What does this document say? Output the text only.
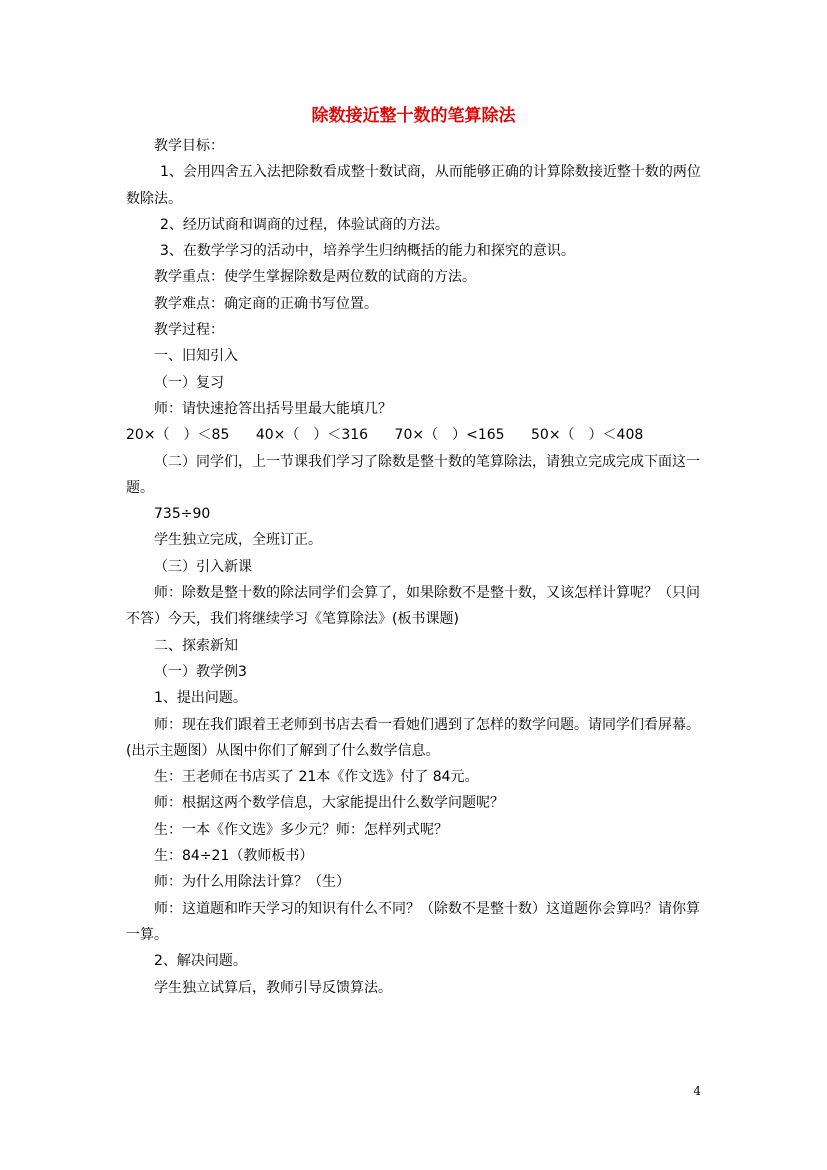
除数接近整十数的笔算除法

教学目标：

1、会用四舍五入法把除数看成整十数试商，从而能够正确的计算除数接近整十数的两位数除法。

2、经历试商和调商的过程，体验试商的方法。

3、在数学学习的活动中，培养学生归纳概括的能力和探究的意识。

教学重点：使学生掌握除数是两位数的试商的方法。

教学难点：确定商的正确书写位置。

教学过程：

一、旧知引入

（一）复习

师：请快速抢答出括号里最大能填几？

20×（　）＜85 40×（　）＜316 70×（　）<165 50×（　）＜408

（二）同学们，上一节课我们学习了除数是整十数的笔算除法，请独立完成完成下面这一题。

735÷90

学生独立完成，全班订正。

（三）引入新课

师：除数是整十数的除法同学们会算了，如果除数不是整十数，又该怎样计算呢？（只问不答）今天，我们将继续学习《笔算除法》(板书课题)

二、探索新知

（一）教学例3

1、提出问题。

师：现在我们跟着王老师到书店去看一看她们遇到了怎样的数学问题。请同学们看屏幕。(出示主题图）从图中你们了解到了什么数学信息。

生：王老师在书店买了 21本《作文选》付了 84元。

师：根据这两个数学信息，大家能提出什么数学问题呢？

生：一本《作文选》多少元？师：怎样列式呢？

生：84÷21（教师板书）

师：为什么用除法计算？（生）

师：这道题和昨天学习的知识有什么不同？（除数不是整十数）这道题你会算吗？请你算一算。

2、解决问题。

学生独立试算后，教师引导反馈算法。

4
